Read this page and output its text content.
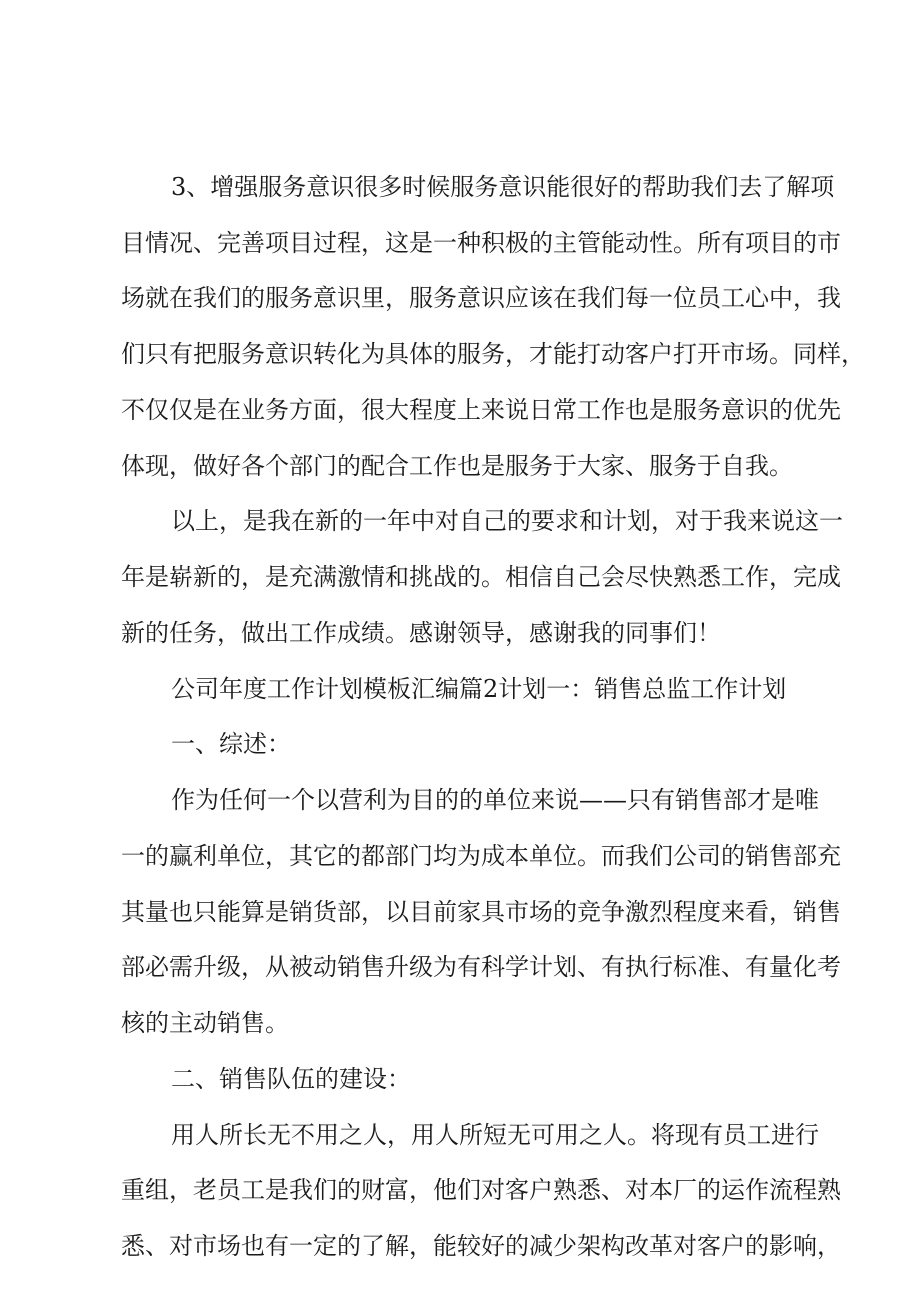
3、增强服务意识很多时候服务意识能很好的帮助我们去了解项
目情况、完善项目过程，这是一种积极的主管能动性。所有项目的市
场就在我们的服务意识里，服务意识应该在我们每一位员工心中，我
们只有把服务意识转化为具体的服务，才能打动客户打开市场。同样，
不仅仅是在业务方面，很大程度上来说日常工作也是服务意识的优先
体现，做好各个部门的配合工作也是服务于大家、服务于自我。
以上，是我在新的一年中对自己的要求和计划，对于我来说这一
年是崭新的，是充满激情和挑战的。相信自己会尽快熟悉工作，完成
新的任务，做出工作成绩。感谢领导，感谢我的同事们！
公司年度工作计划模板汇编篇2计划一：销售总监工作计划
一、综述：
作为任何一个以营利为目的的单位来说——只有销售部才是唯
一的赢利单位，其它的都部门均为成本单位。而我们公司的销售部充
其量也只能算是销货部，以目前家具市场的竞争激烈程度来看，销售
部必需升级，从被动销售升级为有科学计划、有执行标准、有量化考
核的主动销售。
二、销售队伍的建设：
用人所长无不用之人，用人所短无可用之人。将现有员工进行
重组，老员工是我们的财富，他们对客户熟悉、对本厂的运作流程熟
悉、对市场也有一定的了解，能较好的减少架构改革对客户的影响，
